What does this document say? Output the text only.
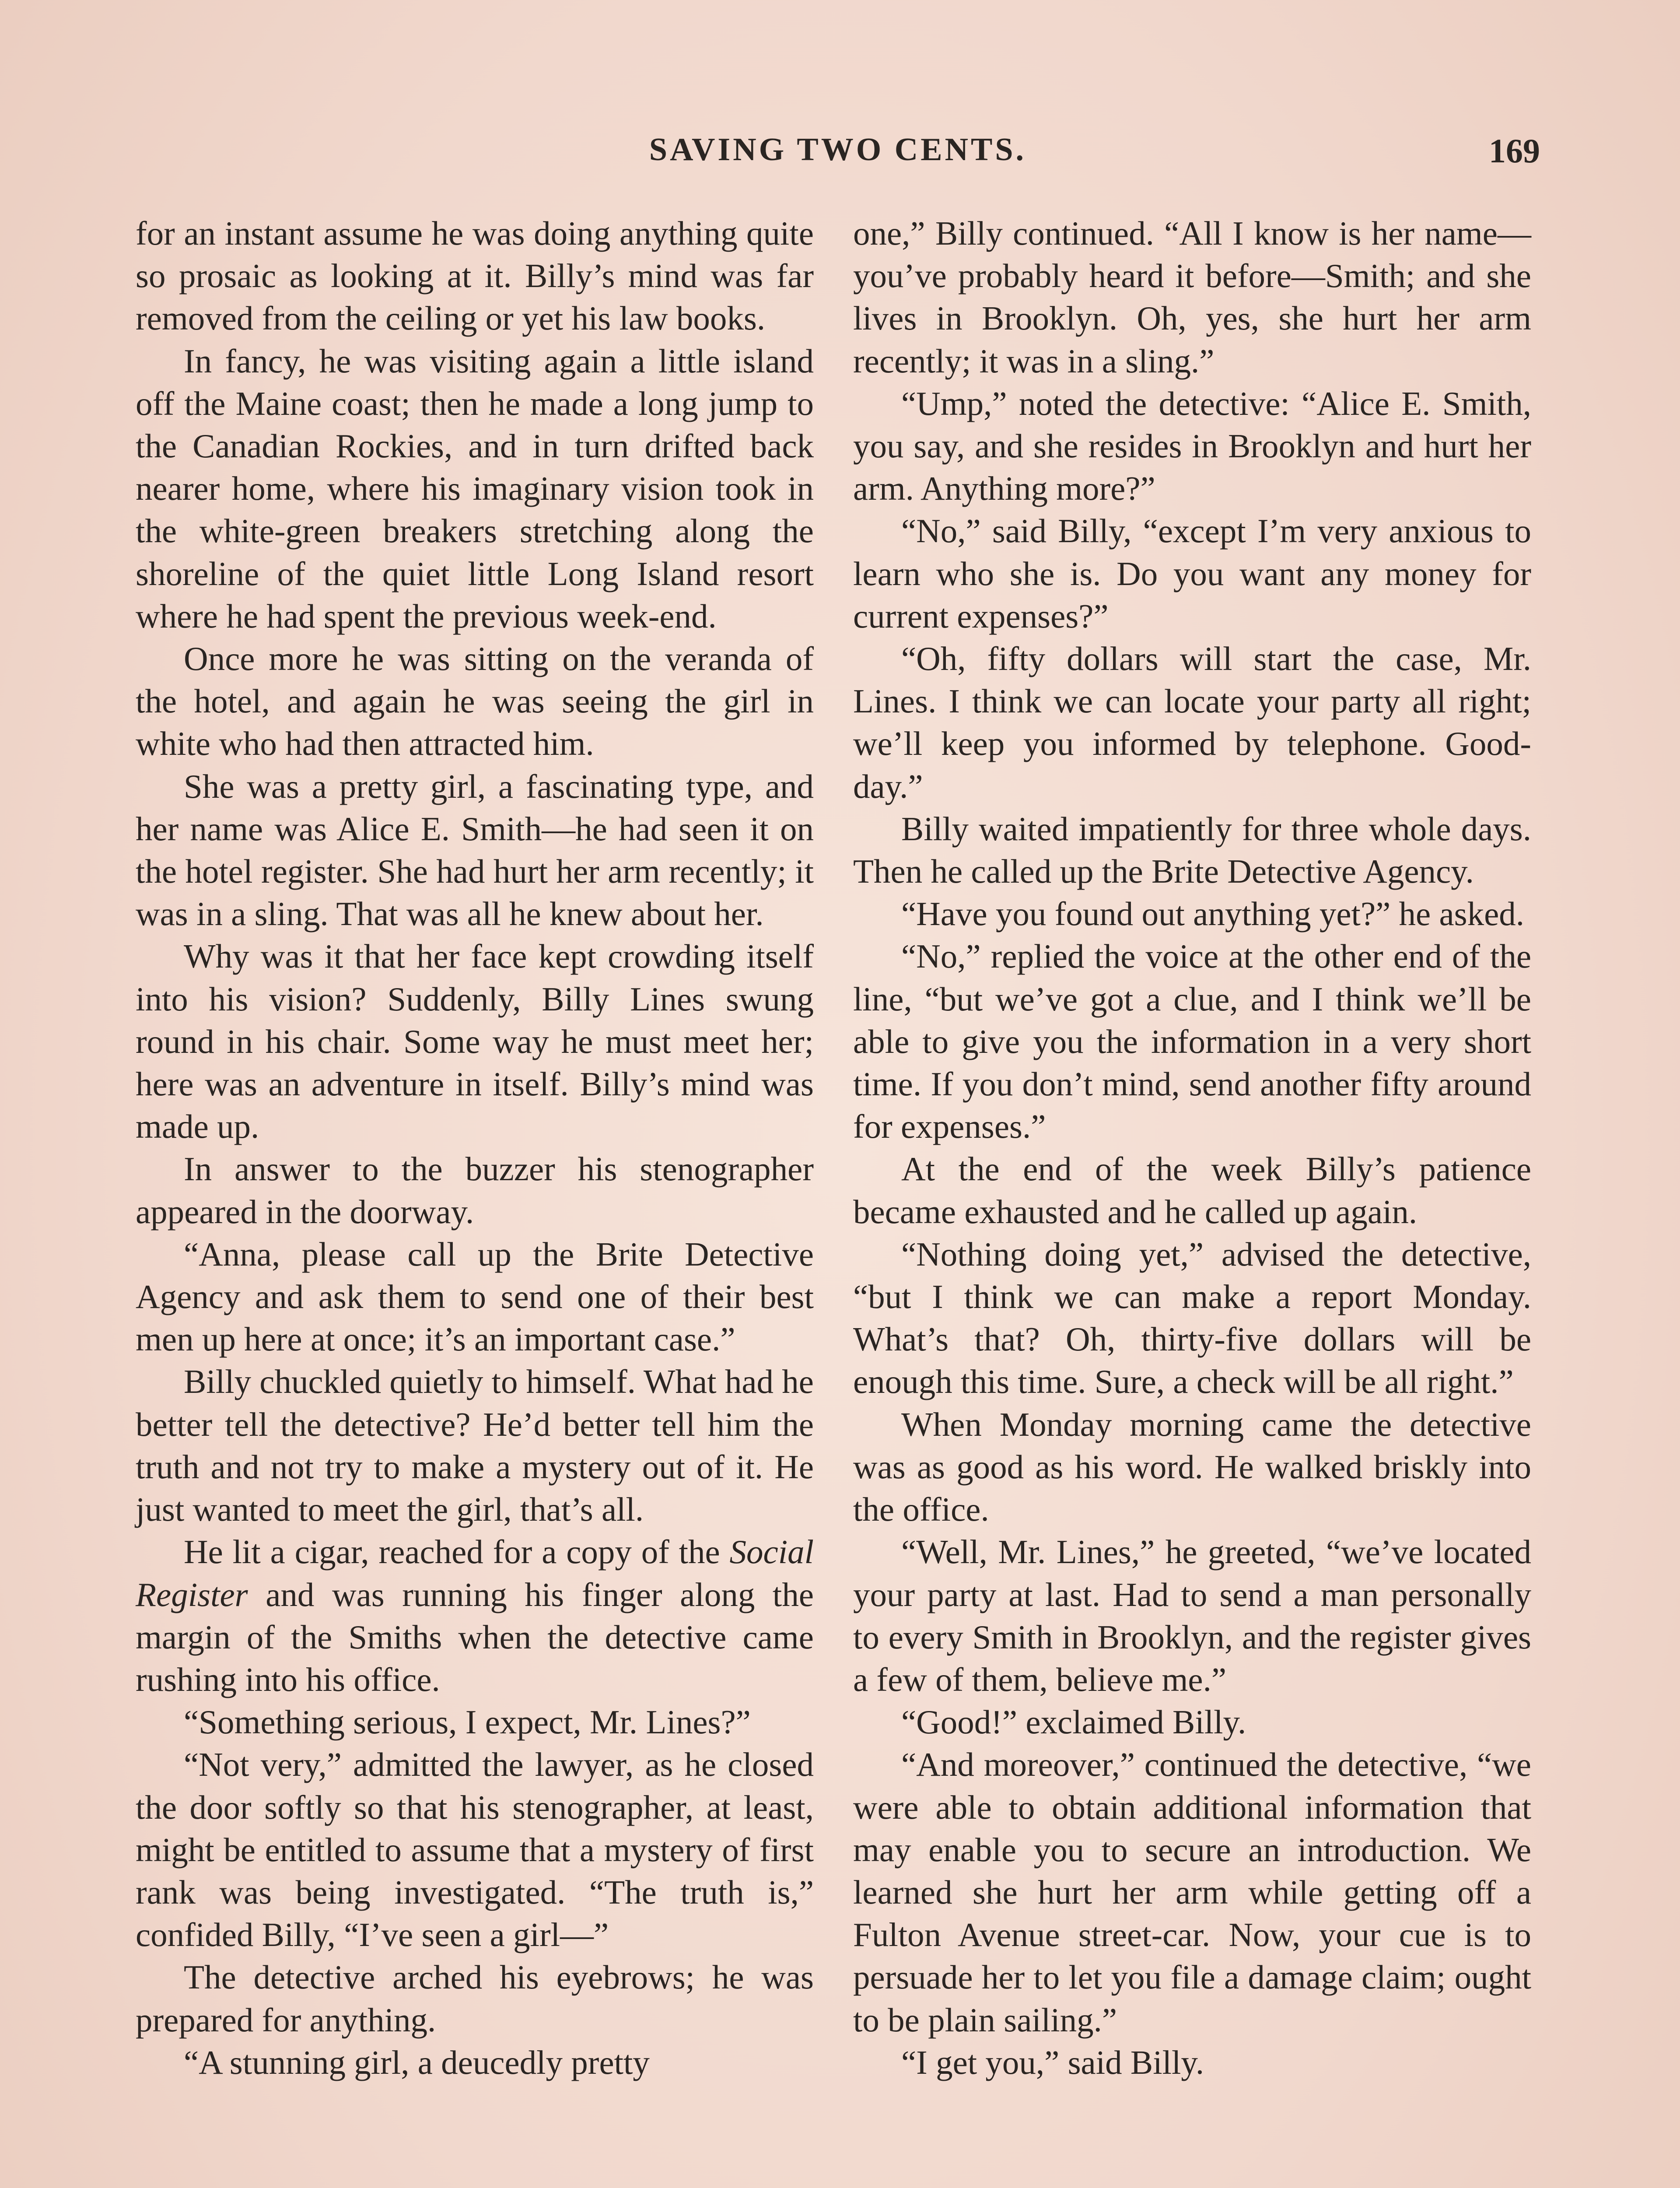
SAVING TWO CENTS.	169

for an instant assume he was doing anything quite so prosaic as looking at it. Billy’s mind was far removed from the ceiling or yet his law books.

In fancy, he was visiting again a little island off the Maine coast; then he made a long jump to the Canadian Rockies, and in turn drifted back nearer home, where his imaginary vision took in the white-green breakers stretching along the shoreline of the quiet little Long Island resort where he had spent the previous week-end.

Once more he was sitting on the veranda of the hotel, and again he was seeing the girl in white who had then attracted him.

She was a pretty girl, a fascinating type, and her name was Alice E. Smith—he had seen it on the hotel register. She had hurt her arm recently; it was in a sling. That was all he knew about her.

Why was it that her face kept crowding itself into his vision? Suddenly, Billy Lines swung round in his chair. Some way he must meet her; here was an adventure in itself. Billy’s mind was made up.

In answer to the buzzer his stenographer appeared in the doorway.

“Anna, please call up the Brite Detective Agency and ask them to send one of their best men up here at once; it’s an important case.”

Billy chuckled quietly to himself. What had he better tell the detective? He’d better tell him the truth and not try to make a mystery out of it. He just wanted to meet the girl, that’s all.

He lit a cigar, reached for a copy of the Social Register and was running his finger along the margin of the Smiths when the detective came rushing into his office.

“Something serious, I expect, Mr. Lines?”

“Not very,” admitted the lawyer, as he closed the door softly so that his stenographer, at least, might be entitled to assume that a mystery of first rank was being investigated. “The truth is,” confided Billy, “I’ve seen a girl—”

The detective arched his eyebrows; he was prepared for anything.

“A stunning girl, a deucedly pretty

one,” Billy continued. “All I know is her name—you’ve probably heard it before—Smith; and she lives in Brooklyn. Oh, yes, she hurt her arm recently; it was in a sling.”

“Ump,” noted the detective: “Alice E. Smith, you say, and she resides in Brooklyn and hurt her arm. Anything more?”

“No,” said Billy, “except I’m very anxious to learn who she is. Do you want any money for current expenses?”

“Oh, fifty dollars will start the case, Mr. Lines. I think we can locate your party all right; we’ll keep you informed by telephone. Good-day.”

Billy waited impatiently for three whole days. Then he called up the Brite Detective Agency.

“Have you found out anything yet?” he asked.

“No,” replied the voice at the other end of the line, “but we’ve got a clue, and I think we’ll be able to give you the information in a very short time. If you don’t mind, send another fifty around for expenses.”

At the end of the week Billy’s patience became exhausted and he called up again.

“Nothing doing yet,” advised the detective, “but I think we can make a report Monday. What’s that? Oh, thirty-five dollars will be enough this time. Sure, a check will be all right.”

When Monday morning came the detective was as good as his word. He walked briskly into the office.

“Well, Mr. Lines,” he greeted, “we’ve located your party at last. Had to send a man personally to every Smith in Brooklyn, and the register gives a few of them, believe me.”

“Good!” exclaimed Billy.

“And moreover,” continued the detective, “we were able to obtain additional information that may enable you to secure an introduction. We learned she hurt her arm while getting off a Fulton Avenue street-car. Now, your cue is to persuade her to let you file a damage claim; ought to be plain sailing.”

“I get you,” said Billy.
